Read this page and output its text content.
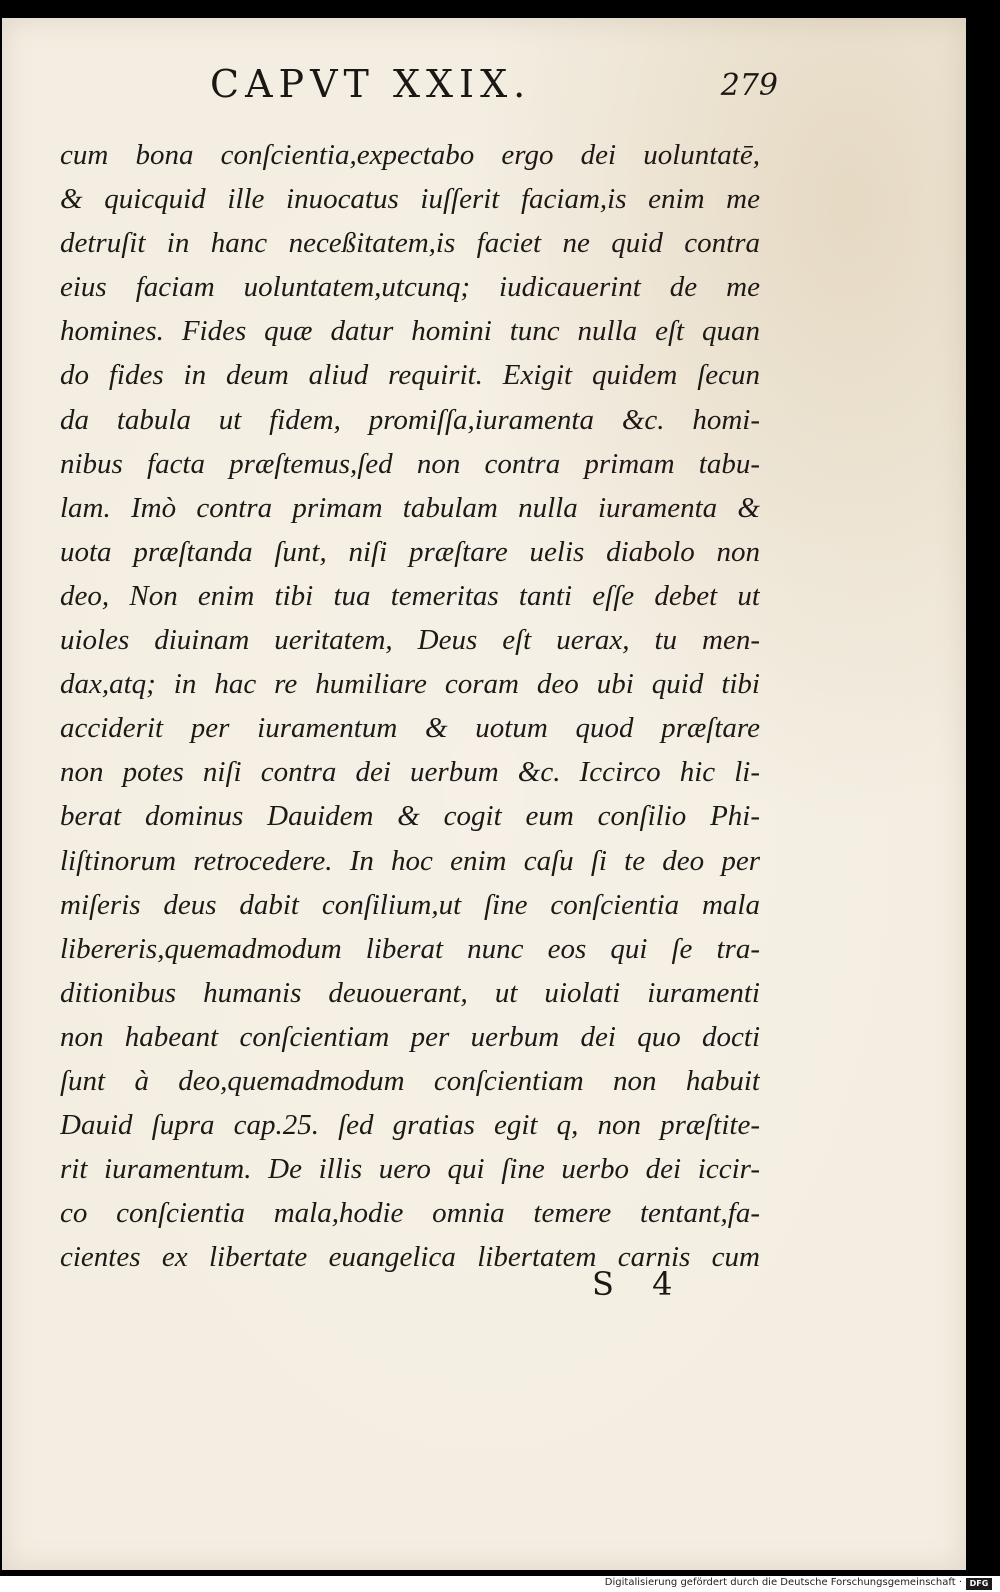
CAPVT XXIX.	279
cum bona conſcientia,expectabo ergo dei uoluntatē,
& quicquid ille inuocatus iuſſerit faciam,is enim me
detruſit in hanc neceßitatem,is faciet ne quid contra
eius faciam uoluntatem,utcunq; iudicauerint de me
homines. Fides quæ datur homini tunc nulla eſt quan
do fides in deum aliud requirit. Exigit quidem ſecun
da tabula ut fidem, promiſſa,iuramenta &c. homi-
nibus facta præſtemus,ſed non contra primam tabu-
lam. Imò contra primam tabulam nulla iuramenta &
uota præſtanda ſunt, niſi præſtare uelis diabolo non
deo, Non enim tibi tua temeritas tanti eſſe debet ut
uioles diuinam ueritatem, Deus eſt uerax, tu men-
dax,atq; in hac re humiliare coram deo ubi quid tibi
acciderit per iuramentum & uotum quod præſtare
non potes niſi contra dei uerbum &c. Iccirco hic li-
berat dominus Dauidem & cogit eum conſilio Phi-
liſtinorum retrocedere. In hoc enim caſu ſi te deo per
miſeris deus dabit conſilium,ut ſine conſcientia mala
libereris,quemadmodum liberat nunc eos qui ſe tra-
ditionibus humanis deuouerant, ut uiolati iuramenti
non habeant conſcientiam per uerbum dei quo docti
ſunt à deo,quemadmodum conſcientiam non habuit
Dauid ſupra cap.25. ſed gratias egit q, non præſtite-
rit iuramentum. De illis uero qui ſine uerbo dei iccir-
co conſcientia mala,hodie omnia temere tentant,fa-
cientes ex libertate euangelica libertatem carnis cum
S 4
Digitalisierung gefördert durch die Deutsche Forschungsgemeinschaft · DFG
